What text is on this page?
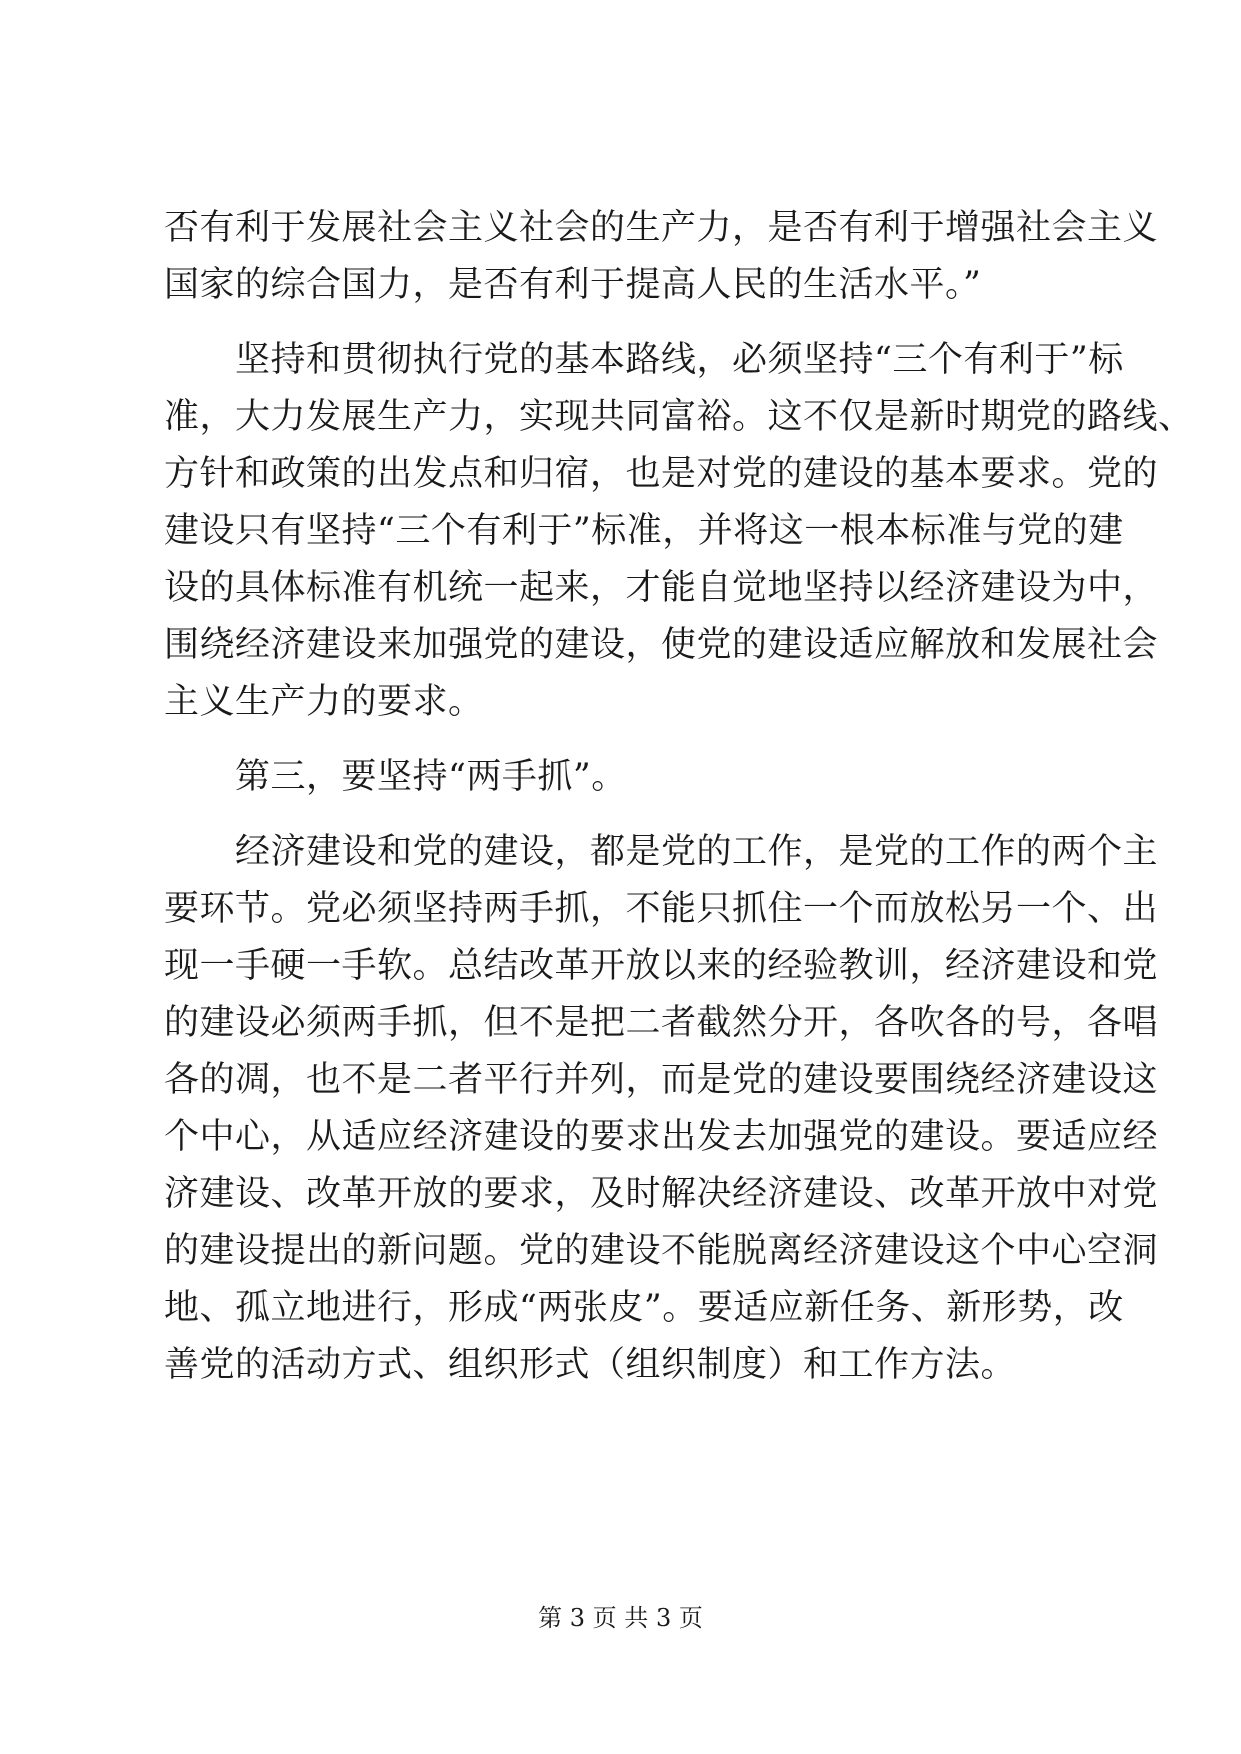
否有利于发展社会主义社会的生产力，是否有利于增强社会主义
国家的综合国力，是否有利于提高人民的生活水平。”
　　坚持和贯彻执行党的基本路线，必须坚持“三个有利于”标
准，大力发展生产力，实现共同富裕。这不仅是新时期党的路线、
方针和政策的出发点和归宿，也是对党的建设的基本要求。党的
建设只有坚持“三个有利于”标准，并将这一根本标准与党的建
设的具体标准有机统一起来，才能自觉地坚持以经济建设为中，
围绕经济建设来加强党的建设，使党的建设适应解放和发展社会
主义生产力的要求。
　　第三，要坚持“两手抓”。
　　经济建设和党的建设，都是党的工作，是党的工作的两个主
要环节。党必须坚持两手抓，不能只抓住一个而放松另一个、出
现一手硬一手软。总结改革开放以来的经验教训，经济建设和党
的建设必须两手抓，但不是把二者截然分开，各吹各的号，各唱
各的凋，也不是二者平行并列，而是党的建设要围绕经济建设这
个中心，从适应经济建设的要求出发去加强党的建设。要适应经
济建设、改革开放的要求，及时解决经济建设、改革开放中对党
的建设提出的新问题。党的建设不能脱离经济建设这个中心空洞
地、孤立地进行，形成“两张皮”。要适应新任务、新形势，改
善党的活动方式、组织形式（组织制度）和工作方法。
第 3 页 共 3 页
